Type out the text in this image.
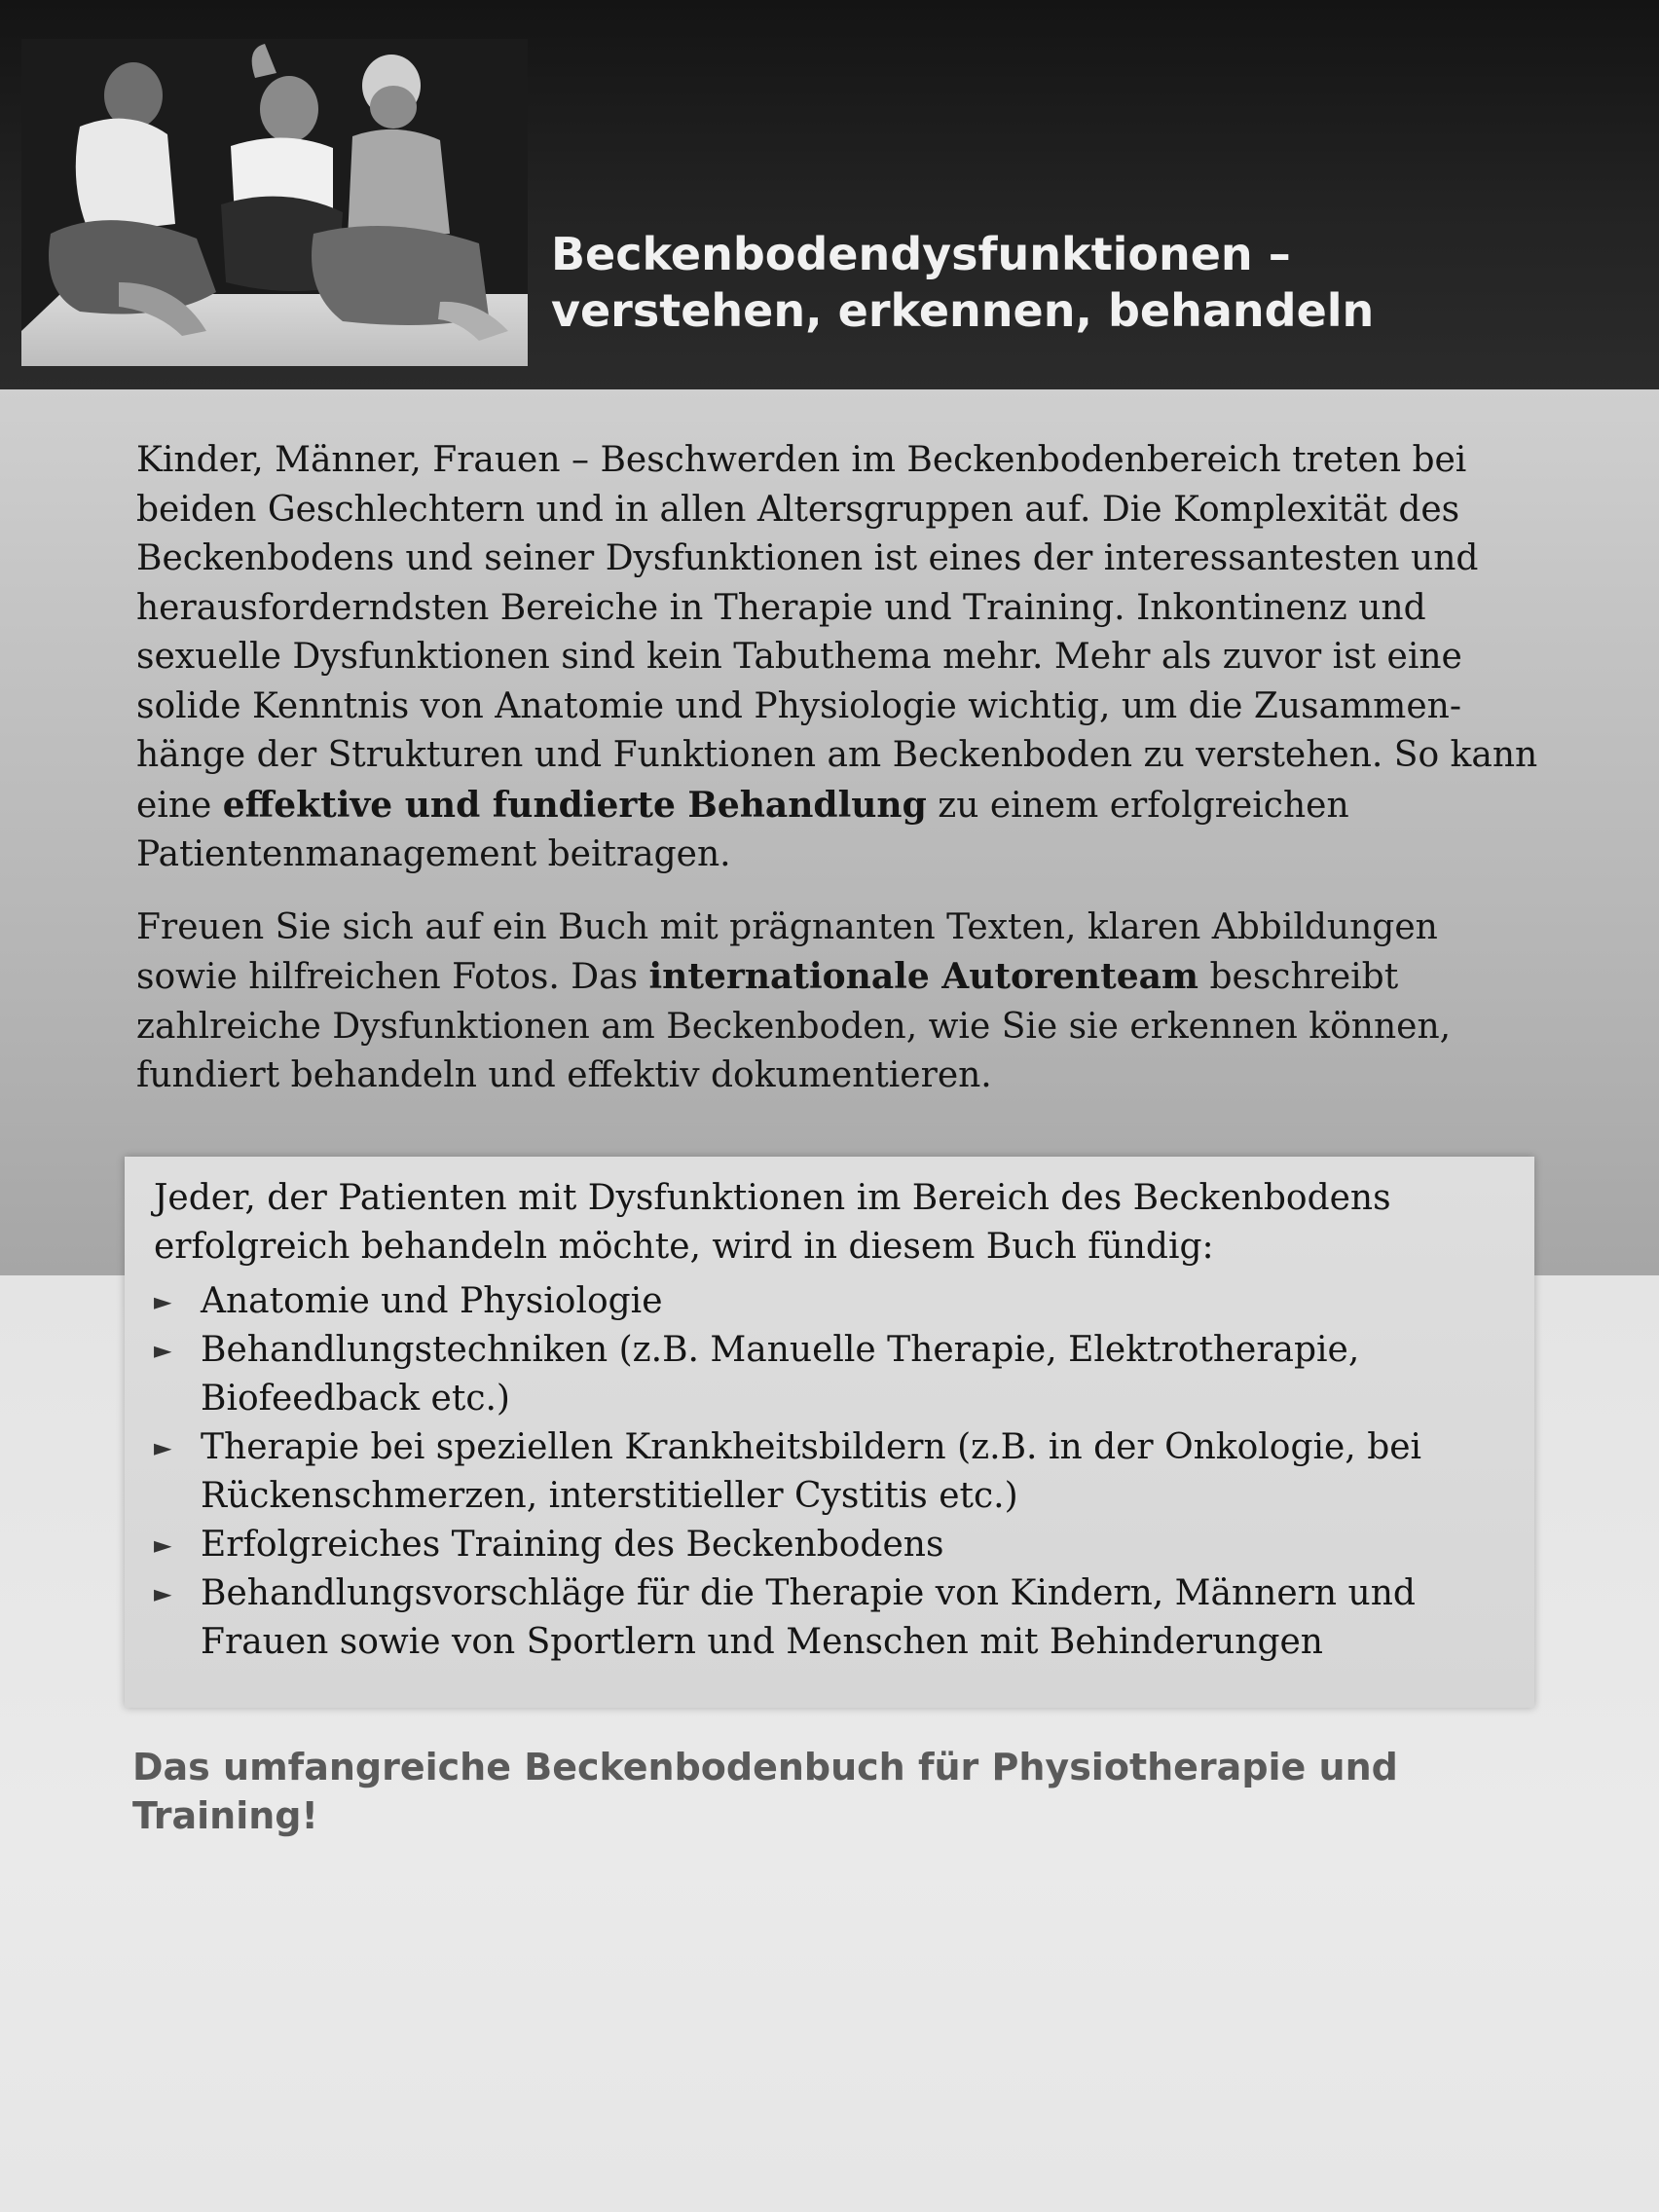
Beckenbodendysfunktionen –
verstehen, erkennen, behandeln

Kinder, Männer, Frauen – Beschwerden im Beckenbodenbereich treten bei beiden Geschlechtern und in allen Altersgruppen auf. Die Komplexität des Beckenbodens und seiner Dysfunktionen ist eines der interessantesten und herausforderndsten Bereiche in Therapie und Training. Inkontinenz und sexuelle Dysfunktionen sind kein Tabuthema mehr. Mehr als zuvor ist eine solide Kenntnis von Anatomie und Physiologie wichtig, um die Zusammenhänge der Strukturen und Funktionen am Beckenboden zu verstehen. So kann eine effektive und fundierte Behandlung zu einem erfolgreichen Patientenmanagement beitragen.

Freuen Sie sich auf ein Buch mit prägnanten Texten, klaren Abbildungen sowie hilfreichen Fotos. Das internationale Autorenteam beschreibt zahlreiche Dysfunktionen am Beckenboden, wie Sie sie erkennen können, fundiert behandeln und effektiv dokumentieren.

Jeder, der Patienten mit Dysfunktionen im Bereich des Beckenbodens erfolgreich behandeln möchte, wird in diesem Buch fündig:

► Anatomie und Physiologie
► Behandlungstechniken (z.B. Manuelle Therapie, Elektrotherapie, Biofeedback etc.)
► Therapie bei speziellen Krankheitsbildern (z.B. in der Onkologie, bei Rückenschmerzen, interstitieller Cystitis etc.)
► Erfolgreiches Training des Beckenbodens
► Behandlungsvorschläge für die Therapie von Kindern, Männern und Frauen sowie von Sportlern und Menschen mit Behinderungen

Das umfangreiche Beckenbodenbuch für Physiotherapie und Training!
